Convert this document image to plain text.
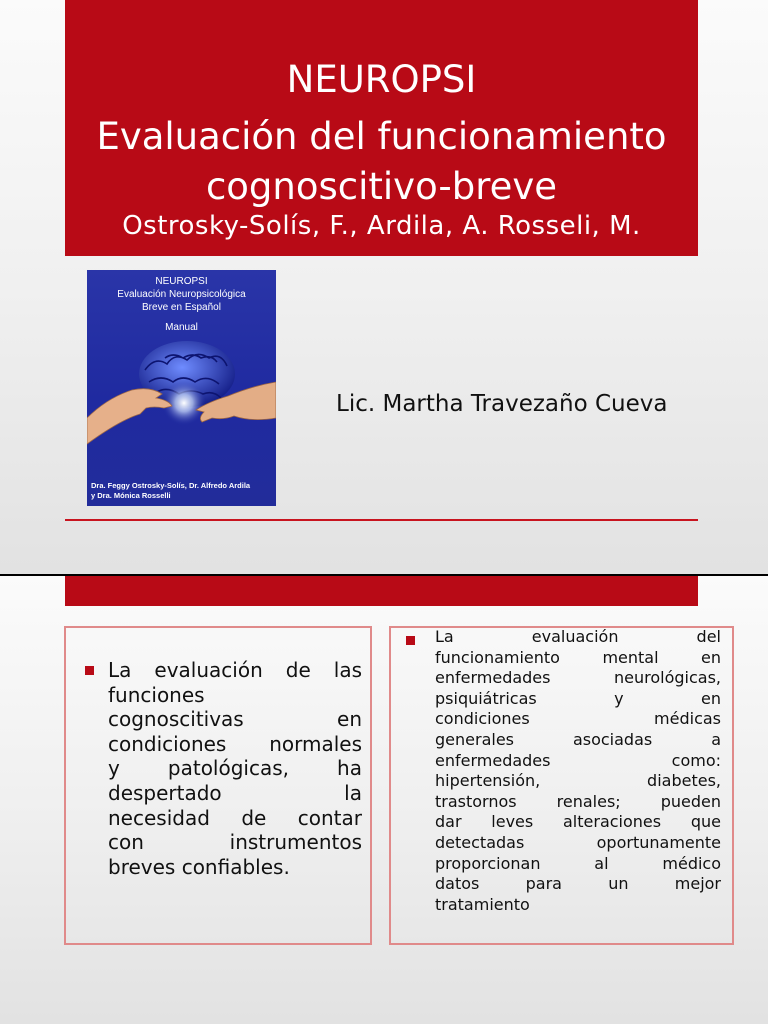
NEUROPSI
Evaluación del funcionamiento
cognoscitivo-breve
Ostrosky-Solís, F., Ardila, A. Rosseli, M.
NEUROPSI
Evaluación Neuropsicológica
Breve en Español
Manual
Dra. Feggy Ostrosky-Solís, Dr. Alfredo Ardila
y Dra. Mónica Rosselli
Lic. Martha Travezaño Cueva
La evaluación de las
funciones
cognoscitivas en
condiciones normales
y patológicas, ha
despertado la
necesidad de contar
con instrumentos
breves confiables.
La evaluación del
funcionamiento mental en
enfermedades neurológicas,
psiquiátricas y en
condiciones médicas
generales asociadas a
enfermedades como:
hipertensión, diabetes,
trastornos renales; pueden
dar leves alteraciones que
detectadas oportunamente
proporcionan al médico
datos para un mejor
tratamiento
